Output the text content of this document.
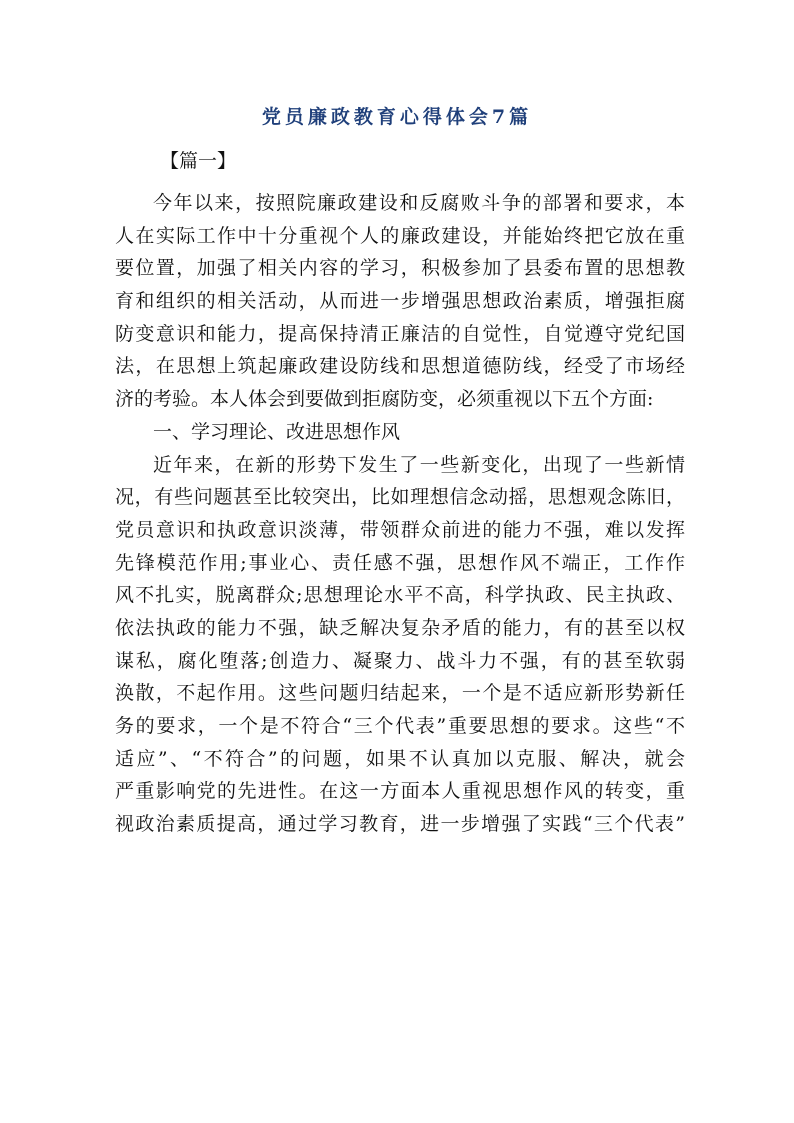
党员廉政教育心得体会7篇
【篇一】
今年以来，按照院廉政建设和反腐败斗争的部署和要求，本
人在实际工作中十分重视个人的廉政建设，并能始终把它放在重
要位置，加强了相关内容的学习，积极参加了县委布置的思想教
育和组织的相关活动，从而进一步增强思想政治素质，增强拒腐
防变意识和能力，提高保持清正廉洁的自觉性，自觉遵守党纪国
法，在思想上筑起廉政建设防线和思想道德防线，经受了市场经
济的考验。本人体会到要做到拒腐防变，必须重视以下五个方面:
一、学习理论、改进思想作风
近年来，在新的形势下发生了一些新变化，出现了一些新情
况，有些问题甚至比较突出，比如理想信念动摇，思想观念陈旧，
党员意识和执政意识淡薄，带领群众前进的能力不强，难以发挥
先锋模范作用;事业心、责任感不强，思想作风不端正，工作作
风不扎实，脱离群众;思想理论水平不高，科学执政、民主执政、
依法执政的能力不强，缺乏解决复杂矛盾的能力，有的甚至以权
谋私，腐化堕落;创造力、凝聚力、战斗力不强，有的甚至软弱
涣散，不起作用。这些问题归结起来，一个是不适应新形势新任
务的要求，一个是不符合“三个代表”重要思想的要求。这些“不
适应”、“不符合”的问题，如果不认真加以克服、解决，就会
严重影响党的先进性。在这一方面本人重视思想作风的转变，重
视政治素质提高，通过学习教育，进一步增强了实践“三个代表”
